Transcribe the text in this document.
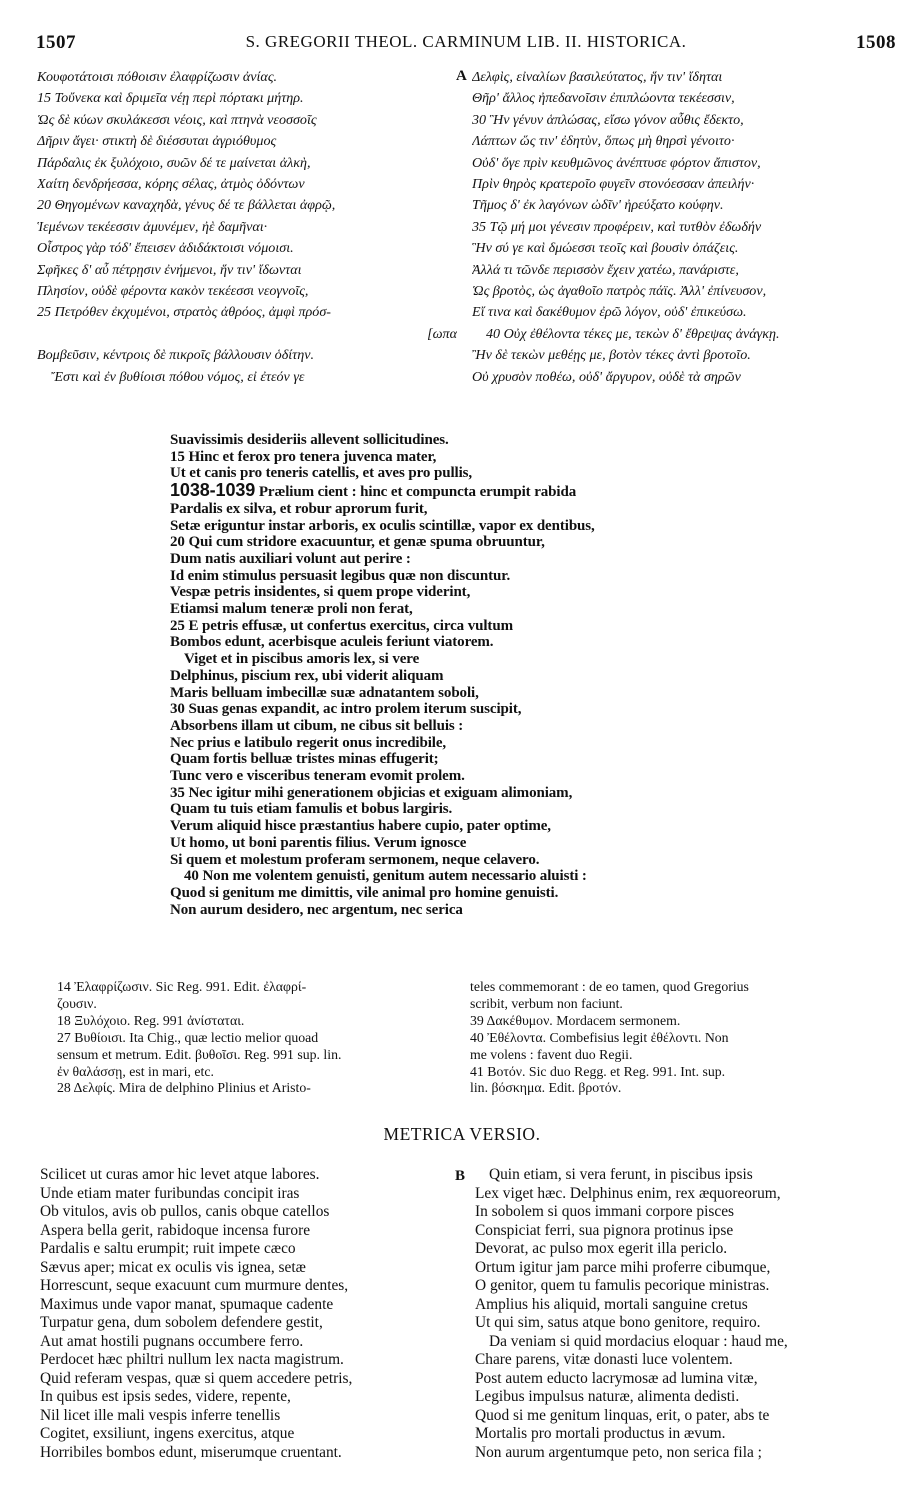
1507	S. GREGORII THEOL. CARMINUM LIB. II. HISTORICA.	1508
A
B
Κουφοτάτοισι πόθοισιν ἐλαφρίζωσιν ἀνίας.
15 Τοὔνεκα καὶ δριμεῖα νέῃ περὶ πόρτακι μήτηρ.
Ὡς δὲ κύων σκυλάκεσσι νέοις, καὶ πτηνὰ νεοσσοῖς
Δῆριν ἄγει· στικτὴ δὲ διέσσυται ἀγριόθυμος
Πάρδαλις ἐκ ξυλόχοιο, συῶν δέ τε μαίνεται ἀλκὴ,
Χαίτη δενδρήεσσα, κόρης σέλας, ἀτμὸς ὀδόντων
20 Θηγομένων καναχηδὰ, γένυς δέ τε βάλλεται ἀφρῷ,
Ἱεμένων τεκέεσσιν ἀμυνέμεν, ἠὲ δαμῆναι·
Οἶστρος γὰρ τόδ' ἔπεισεν ἀδιδάκτοισι νόμοισι.
Σφῆκες δ' αὖ πέτρῃσιν ἐνήμενοι, ἥν τιν' ἴδωνται
Πλησίον, οὐδὲ φέροντα κακὸν τεκέεσσι νεογνοῖς,
25 Πετρόθεν ἐκχυμένοι, στρατὸς ἀθρόος, ἀμφὶ πρόσ-
[ωπα
Βομβεῦσιν, κέντροις δὲ πικροῖς βάλλουσιν ὁδίτην.
Ἔστι καὶ ἐν βυθίοισι πόθου νόμος, εἰ ἐτεόν γε
Δελφὶς, εἰναλίων βασιλεύτατος, ἥν τιν' ἴδηται
Θῆρ' ἄλλος ἠπεδανοῖσιν ἐπιπλώοντα τεκέεσσιν,
30 Ἣν γένυν ἁπλώσας, εἴσω γόνον αὖθις ἔδεκτο,
Λάπτων ὥς τιν' ἐδητὺν, ὅπως μὴ θηρσὶ γένοιτο·
Οὐδ' ὅγε πρὶν κευθμῶνος ἀνέπτυσε φόρτον ἄπιστον,
Πρὶν θηρὸς κρατεροῖο φυγεῖν στονόεσσαν ἀπειλήν·
Τῆμος δ' ἐκ λαγόνων ὠδῖν' ἠρεύξατο κούφην.
35 Τῷ μή μοι γένεσιν προφέρειν, καὶ τυτθὸν ἐδωδήν
Ἣν σύ γε καὶ δμώεσσι τεοῖς καὶ βουσὶν ὀπάζεις.
Ἀλλά τι τῶνδε περισσὸν ἔχειν χατέω, πανάριστε,
Ὡς βροτὸς, ὡς ἀγαθοῖο πατρὸς πάϊς. Ἀλλ' ἐπίνευσον,
Εἴ τινα καὶ δακέθυμον ἐρῶ λόγον, οὐδ' ἐπικεύσω.
40 Οὐχ ἐθέλοντα τέκες με, τεκὼν δ' ἔθρεψας ἀνάγκῃ.
Ἢν δὲ τεκὼν μεθέῃς με, βοτὸν τέκες ἀντὶ βροτοῖο.
Οὐ χρυσὸν ποθέω, οὐδ' ἄργυρον, οὐδὲ τὰ σηρῶν
Suavissimis desideriis allevent sollicitudines.
15 Hinc et ferox pro tenera juvenca mater,
Ut et canis pro teneris catellis, et aves pro pullis,
1038-1039 Prælium cient : hinc et compuncta erumpit rabida
Pardalis ex silva, et robur aprorum furit,
Setæ eriguntur instar arboris, ex oculis scintillæ, vapor ex dentibus,
20 Qui cum stridore exacuuntur, et genæ spuma obruuntur,
Dum natis auxiliari volunt aut perire :
Id enim stimulus persuasit legibus quæ non discuntur.
Vespæ petris insidentes, si quem prope viderint,
Etiamsi malum teneræ proli non ferat,
25 E petris effusæ, ut confertus exercitus, circa vultum
Bombos edunt, acerbisque aculeis feriunt viatorem.
Viget et in piscibus amoris lex, si vere
Delphinus, piscium rex, ubi viderit aliquam
Maris belluam imbecillæ suæ adnatantem soboli,
30 Suas genas expandit, ac intro prolem iterum suscipit,
Absorbens illam ut cibum, ne cibus sit belluis :
Nec prius e latibulo regerit onus incredibile,
Quam fortis belluæ tristes minas effugerit;
Tunc vero e visceribus teneram evomit prolem.
35 Nec igitur mihi generationem objicias et exiguam alimoniam,
Quam tu tuis etiam famulis et bobus largiris.
Verum aliquid hisce præstantius habere cupio, pater optime,
Ut homo, ut boni parentis filius. Verum ignosce
Si quem et molestum proferam sermonem, neque celavero.
40 Non me volentem genuisti, genitum autem necessario aluisti :
Quod si genitum me dimittis, vile animal pro homine genuisti.
Non aurum desidero, nec argentum, nec serica
14 Ἐλαφρίζωσιν. Sic Reg. 991. Edit. ἐλαφρί-
ζουσιν.
18 Ξυλόχοιο. Reg. 991 ἀνίσταται.
27 Βυθίοισι. Ita Chig., quæ lectio melior quoad
sensum et metrum. Edit. βυθοῖσι. Reg. 991 sup. lin.
ἐν θαλάσσῃ, est in mari, etc.
28 Δελφίς. Mira de delphino Plinius et Aristo-
teles commemorant : de eo tamen, quod Gregorius
scribit, verbum non faciunt.
39 Δακέθυμον. Mordacem sermonem.
40 Ἐθέλοντα. Combefisius legit ἐθέλοντι. Non
me volens : favent duo Regii.
41 Βοτόν. Sic duo Regg. et Reg. 991. Int. sup.
lin. βόσκημα. Edit. βροτόν.
METRICA VERSIO.
Scilicet ut curas amor hic levet atque labores.
Unde etiam mater furibundas concipit iras
Ob vitulos, avis ob pullos, canis obque catellos
Aspera bella gerit, rabidoque incensa furore
Pardalis e saltu erumpit; ruit impete cæco
Sævus aper; micat ex oculis vis ignea, setæ
Horrescunt, seque exacuunt cum murmure dentes,
Maximus unde vapor manat, spumaque cadente
Turpatur gena, dum sobolem defendere gestit,
Aut amat hostili pugnans occumbere ferro.
Perdocet hæc philtri nullum lex nacta magistrum.
Quid referam vespas, quæ si quem accedere petris,
In quibus est ipsis sedes, videre, repente,
Nil licet ille mali vespis inferre tenellis
Cogitet, exsiliunt, ingens exercitus, atque
Horribiles bombos edunt, miserumque cruentant.
Quin etiam, si vera ferunt, in piscibus ipsis
Lex viget hæc. Delphinus enim, rex æquoreorum,
In sobolem si quos immani corpore pisces
Conspiciat ferri, sua pignora protinus ipse
Devorat, ac pulso mox egerit illa periclo.
Ortum igitur jam parce mihi proferre cibumque,
O genitor, quem tu famulis pecorique ministras.
Amplius his aliquid, mortali sanguine cretus
Ut qui sim, satus atque bono genitore, requiro.
Da veniam si quid mordacius eloquar : haud me,
Chare parens, vitæ donasti luce volentem.
Post autem educto lacrymosæ ad lumina vitæ,
Legibus impulsus naturæ, alimenta dedisti.
Quod si me genitum linquas, erit, o pater, abs te
Mortalis pro mortali productus in ævum.
Non aurum argentumque peto, non serica fila ;
